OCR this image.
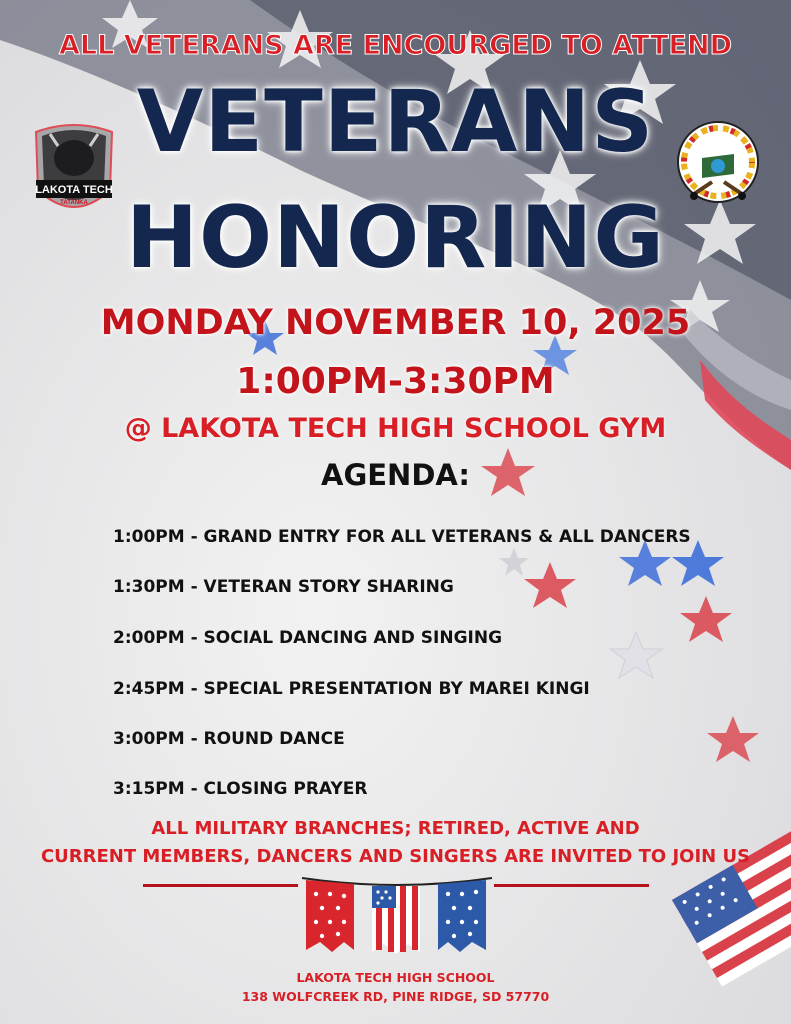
LAKOTA TECH
TATANKA
ALL VETERANS ARE ENCOURGED TO ATTEND
VETERANS
HONORING
MONDAY NOVEMBER 10, 2025
1:00PM-3:30PM
@ LAKOTA TECH HIGH SCHOOL GYM
AGENDA:
1:00PM - GRAND ENTRY FOR ALL VETERANS & ALL DANCERS
1:30PM - VETERAN STORY SHARING
2:00PM - SOCIAL DANCING AND SINGING
2:45PM - SPECIAL PRESENTATION BY MAREI KINGI
3:00PM - ROUND DANCE
3:15PM - CLOSING PRAYER
ALL MILITARY BRANCHES; RETIRED, ACTIVE AND
CURRENT MEMBERS, DANCERS AND SINGERS ARE INVITED TO JOIN US
LAKOTA TECH HIGH SCHOOL
138 WOLFCREEK RD, PINE RIDGE, SD 57770
